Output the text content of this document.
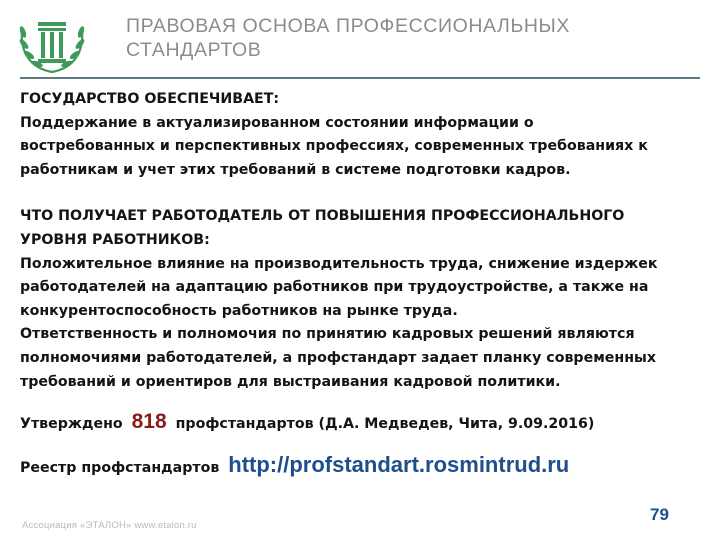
ПРАВОВАЯ ОСНОВА ПРОФЕССИОНАЛЬНЫХ
СТАНДАРТОВ

ГОСУДАРСТВО ОБЕСПЕЧИВАЕТ:

Поддержание в актуализированном состоянии информации о

востребованных и перспективных профессиях, современных требованиях к

работникам и учет этих требований в системе подготовки кадров.

ЧТО ПОЛУЧАЕТ РАБОТОДАТЕЛЬ ОТ ПОВЫШЕНИЯ ПРОФЕССИОНАЛЬНОГО

УРОВНЯ РАБОТНИКОВ:

Положительное влияние на производительность труда, снижение издержек

работодателей на адаптацию работников при трудоустройстве, а также на

конкурентоспособность работников на рынке труда.

Ответственность и полномочия по принятию кадровых решений являются

полномочиями работодателей, а профстандарт задает планку современных

требований и ориентиров для выстраивания кадровой политики.

Утверждено 818 профстандартов (Д.А. Медведев, Чита, 9.09.2016)

Реестр профстандартов http://profstandart.rosmintrud.ru

Ассоциация «ЭТАЛОН» www.etalon.ru
79
